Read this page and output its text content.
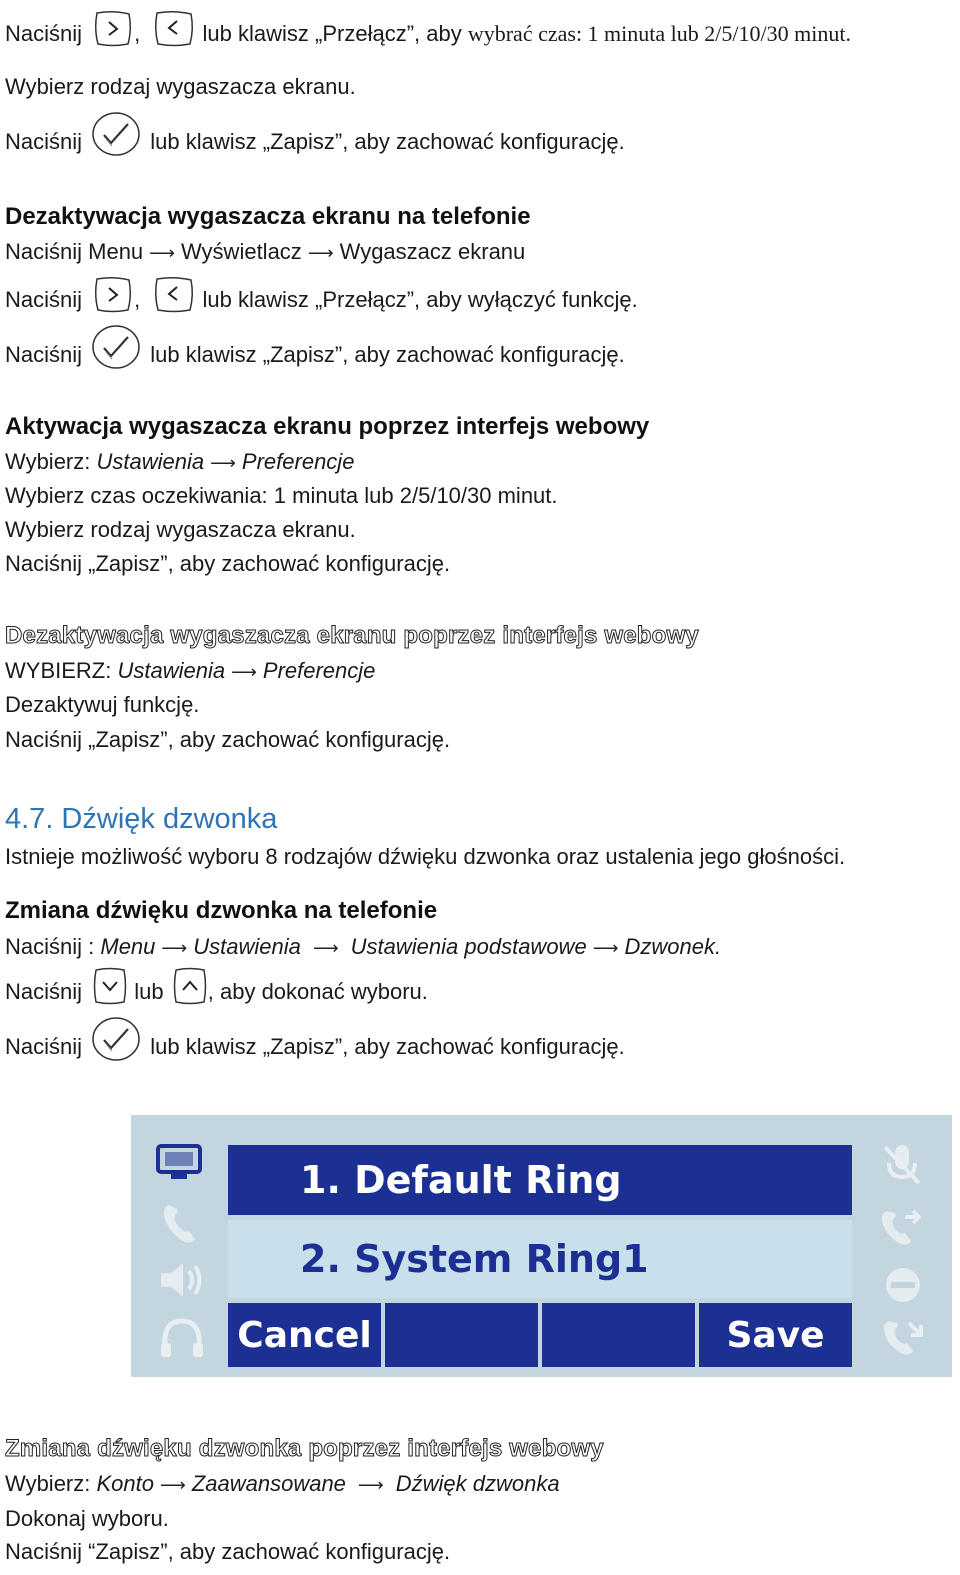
Naciśnij ,	lub klawisz „Przełącz”, aby wybrać czas: 1 minuta lub 2/5/10/30 minut.
Wybierz rodzaj wygaszacza ekranu.
Naciśnij	lub klawisz „Zapisz”, aby zachować konfigurację.
Dezaktywacja wygaszacza ekranu na telefonie
Naciśnij Menu ⟶ Wyświetlacz ⟶ Wygaszacz ekranu
Naciśnij ,	lub klawisz „Przełącz”, aby wyłączyć funkcję.
Naciśnij	lub klawisz „Zapisz”, aby zachować konfigurację.
Aktywacja wygaszacza ekranu poprzez interfejs webowy
Wybierz: Ustawienia ⟶ Preferencje
Wybierz czas oczekiwania: 1 minuta lub 2/5/10/30 minut.
Wybierz rodzaj wygaszacza ekranu.
Naciśnij „Zapisz”, aby zachować konfigurację.
Dezaktywacja wygaszacza ekranu poprzez interfejs webowy
WYBIERZ: Ustawienia ⟶ Preferencje
Dezaktywuj funkcję.
Naciśnij „Zapisz”, aby zachować konfigurację.
4.7. Dźwięk dzwonka
Istnieje możliwość wyboru 8 rodzajów dźwięku dzwonka oraz ustalenia jego głośności.
Zmiana dźwięku dzwonka na telefonie
Naciśnij : Menu ⟶ Ustawienia ⟶ Ustawienia podstawowe ⟶ Dzwonek.
Naciśnij lub , aby dokonać wyboru.
Naciśnij	lub klawisz „Zapisz”, aby zachować konfigurację.
1. Default Ring
2. System Ring1
Cancel	Save
Zmiana dźwięku dzwonka poprzez interfejs webowy
Wybierz: Konto ⟶ Zaawansowane ⟶ Dźwięk dzwonka
Dokonaj wyboru.
Naciśnij “Zapisz”, aby zachować konfigurację.
